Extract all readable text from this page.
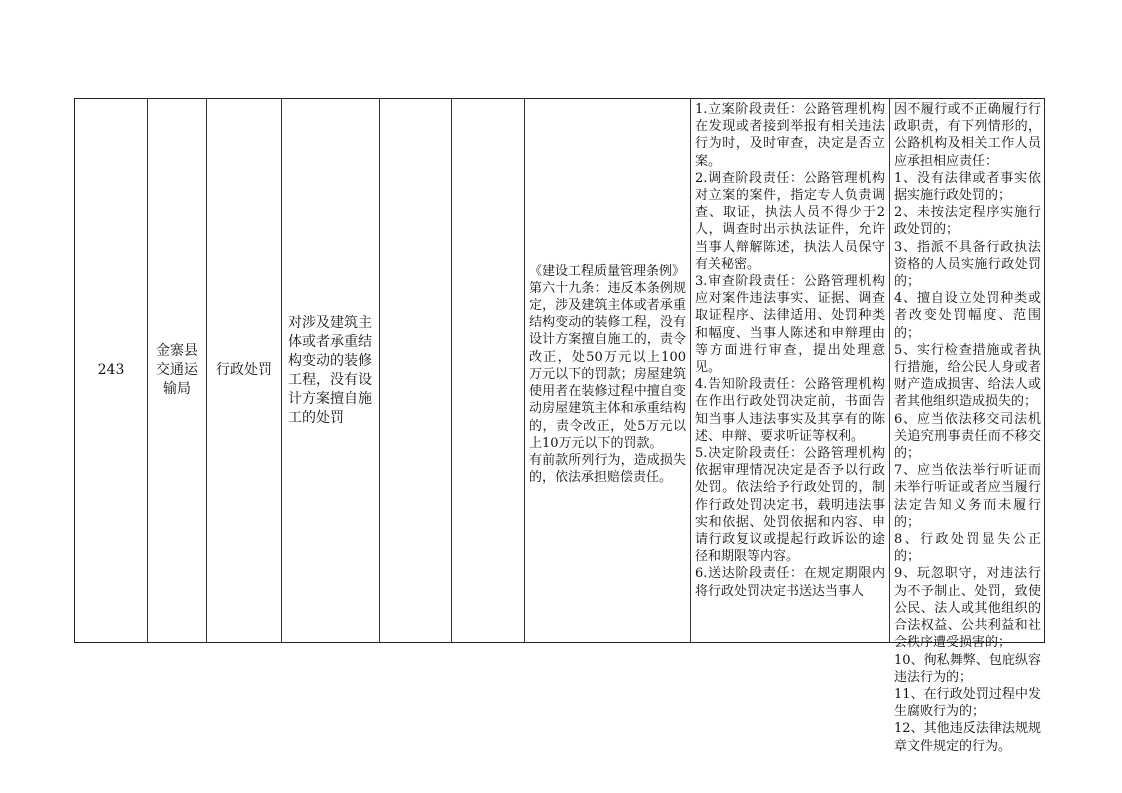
243
金寨县交通运输局
行政处罚
对涉及建筑主体或者承重结构变动的装修工程，没有设计方案擅自施工的处罚
《建设工程质量管理条例》
第六十九条：违反本条例规定，涉及建筑主体或者承重结构变动的装修工程，没有设计方案擅自施工的，责令改正，处50万元以上100万元以下的罚款；房屋建筑使用者在装修过程中擅自变动房屋建筑主体和承重结构的，责令改正，处5万元以上10万元以下的罚款。
有前款所列行为，造成损失的，依法承担赔偿责任。
1.立案阶段责任：公路管理机构在发现或者接到举报有相关违法行为时，及时审查，决定是否立案。
2.调查阶段责任：公路管理机构对立案的案件，指定专人负责调查、取证，执法人员不得少于2人，调查时出示执法证件，允许当事人辩解陈述，执法人员保守有关秘密。
3.审查阶段责任：公路管理机构应对案件违法事实、证据、调查取证程序、法律适用、处罚种类和幅度、当事人陈述和申辩理由等方面进行审查，提出处理意见。
4.告知阶段责任：公路管理机构在作出行政处罚决定前，书面告知当事人违法事实及其享有的陈述、申辩、要求听证等权利。
5.决定阶段责任：公路管理机构依据审理情况决定是否予以行政处罚。依法给予行政处罚的，制作行政处罚决定书，载明违法事实和依据、处罚依据和内容、申请行政复议或提起行政诉讼的途径和期限等内容。
6.送达阶段责任：在规定期限内将行政处罚决定书送达当事人
因不履行或不正确履行行政职责，有下列情形的，公路机构及相关工作人员应承担相应责任：
1、没有法律或者事实依据实施行政处罚的；
2、未按法定程序实施行政处罚的；
3、指派不具备行政执法资格的人员实施行政处罚的；
4、擅自设立处罚种类或者改变处罚幅度、范围的；
5、实行检查措施或者执行措施，给公民人身或者财产造成损害、给法人或者其他组织造成损失的；
6、应当依法移交司法机关追究刑事责任而不移交的；
7、应当依法举行听证而未举行听证或者应当履行法定告知义务而未履行的；
8、行政处罚显失公正的；
9、玩忽职守，对违法行为不予制止、处罚，致使公民、法人或其他组织的合法权益、公共利益和社会秩序遭受损害的；
10、徇私舞弊、包庇纵容违法行为的；
11、在行政处罚过程中发生腐败行为的；
12、其他违反法律法规规章文件规定的行为。
